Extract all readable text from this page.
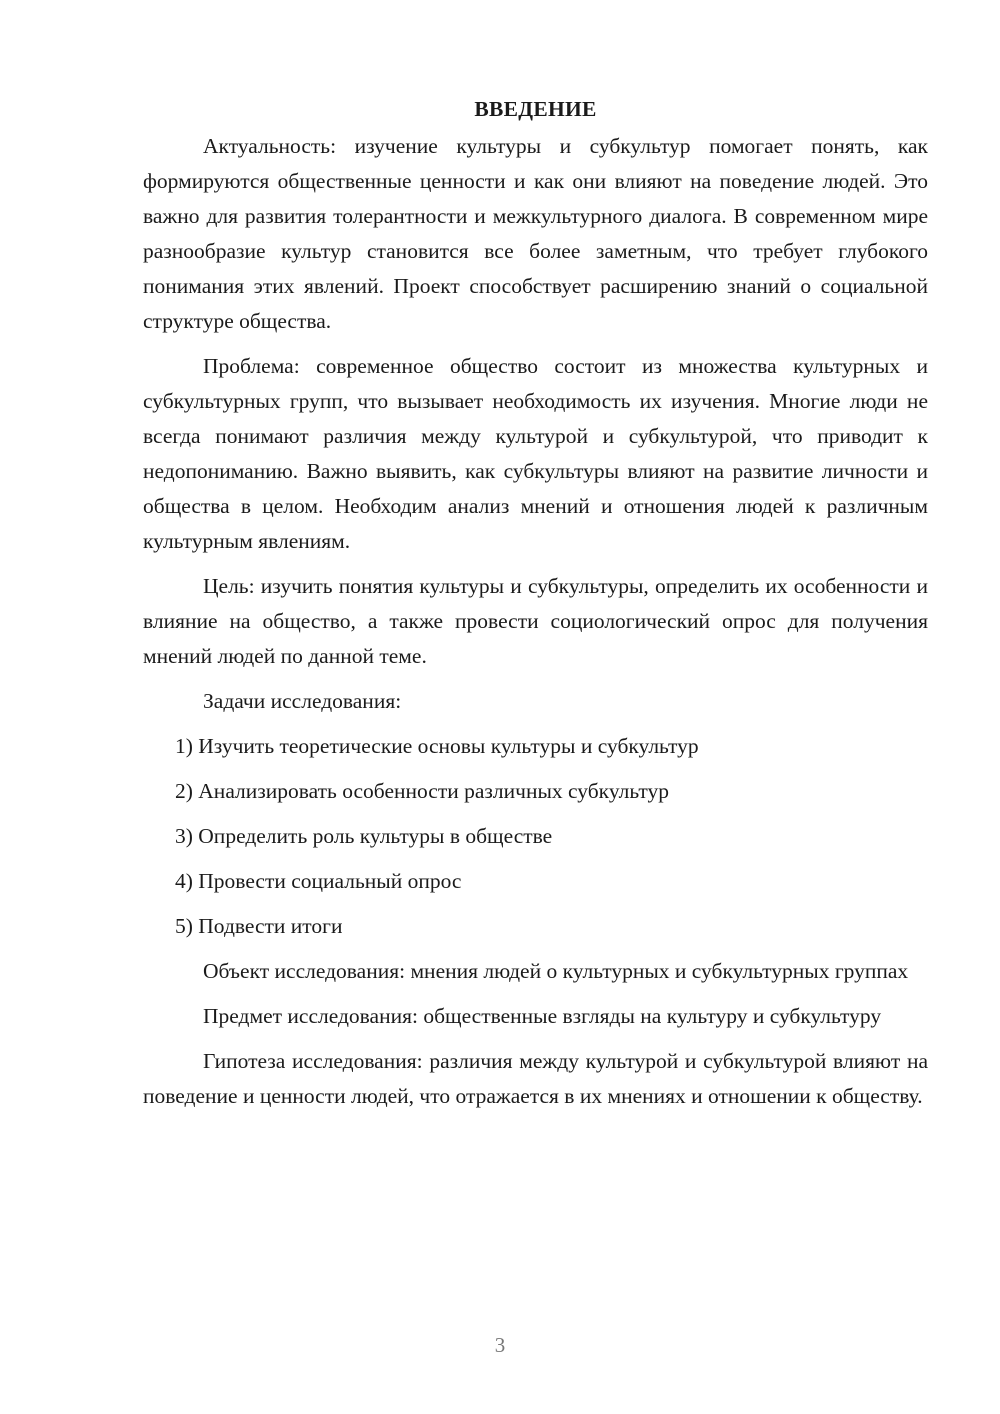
ВВЕДЕНИЕ

Актуальность: изучение культуры и субкультур помогает понять, как формируются общественные ценности и как они влияют на поведение людей. Это важно для развития толерантности и межкультурного диалога. В современном мире разнообразие культур становится все более заметным, что требует глубокого понимания этих явлений. Проект способствует расширению знаний о социальной структуре общества.

Проблема: современное общество состоит из множества культурных и субкультурных групп, что вызывает необходимость их изучения. Многие люди не всегда понимают различия между культурой и субкультурой, что приводит к недопониманию. Важно выявить, как субкультуры влияют на развитие личности и общества в целом. Необходим анализ мнений и отношения людей к различным культурным явлениям.

Цель: изучить понятия культуры и субкультуры, определить их особенности и влияние на общество, а также провести социологический опрос для получения мнений людей по данной теме.

Задачи исследования:

1) Изучить теоретические основы культуры и субкультур
2) Анализировать особенности различных субкультур
3) Определить роль культуры в обществе
4) Провести социальный опрос
5) Подвести итоги

Объект исследования: мнения людей о культурных и субкультурных группах

Предмет исследования: общественные взгляды на культуру и субкультуру

Гипотеза исследования: различия между культурой и субкультурой влияют на поведение и ценности людей, что отражается в их мнениях и отношении к обществу.

3
